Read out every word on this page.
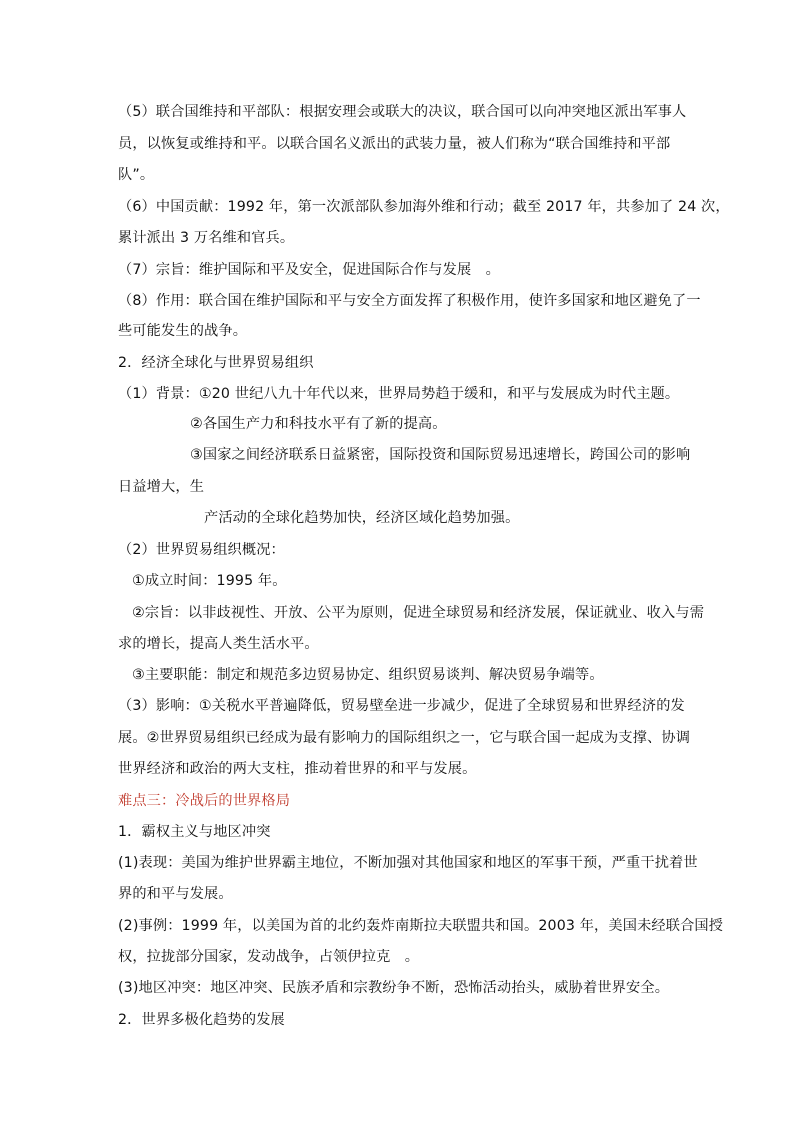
（5）联合国维持和平部队：根据安理会或联大的决议，联合国可以向冲突地区派出军事人
员，以恢复或维持和平。以联合国名义派出的武装力量，被人们称为“联合国维持和平部
队”。
（6）中国贡献：1992 年，第一次派部队参加海外维和行动；截至 2017 年，共参加了 24 次，
累计派出 3 万名维和官兵。
（7）宗旨：维护国际和平及安全，促进国际合作与发展　。
（8）作用：联合国在维护国际和平与安全方面发挥了积极作用，使许多国家和地区避免了一
些可能发生的战争。
2．经济全球化与世界贸易组织
（1）背景：①20 世纪八九十年代以来，世界局势趋于缓和，和平与发展成为时代主题。
②各国生产力和科技水平有了新的提高。
③国家之间经济联系日益紧密，国际投资和国际贸易迅速增长，跨国公司的影响
日益增大，生
产活动的全球化趋势加快，经济区域化趋势加强。
（2）世界贸易组织概况：
①成立时间：1995 年。
②宗旨：以非歧视性、开放、公平为原则，促进全球贸易和经济发展，保证就业、收入与需
求的增长，提高人类生活水平。
③主要职能：制定和规范多边贸易协定、组织贸易谈判、解决贸易争端等。
（3）影响：①关税水平普遍降低，贸易壁垒进一步减少，促进了全球贸易和世界经济的发
展。②世界贸易组织已经成为最有影响力的国际组织之一，它与联合国一起成为支撑、协调
世界经济和政治的两大支柱，推动着世界的和平与发展。
难点三：冷战后的世界格局
1．霸权主义与地区冲突
(1)表现：美国为维护世界霸主地位，不断加强对其他国家和地区的军事干预，严重干扰着世
界的和平与发展。
(2)事例：1999 年，以美国为首的北约轰炸南斯拉夫联盟共和国。2003 年，美国未经联合国授
权，拉拢部分国家，发动战争，占领伊拉克　。
(3)地区冲突：地区冲突、民族矛盾和宗教纷争不断，恐怖活动抬头，威胁着世界安全。
2．世界多极化趋势的发展
